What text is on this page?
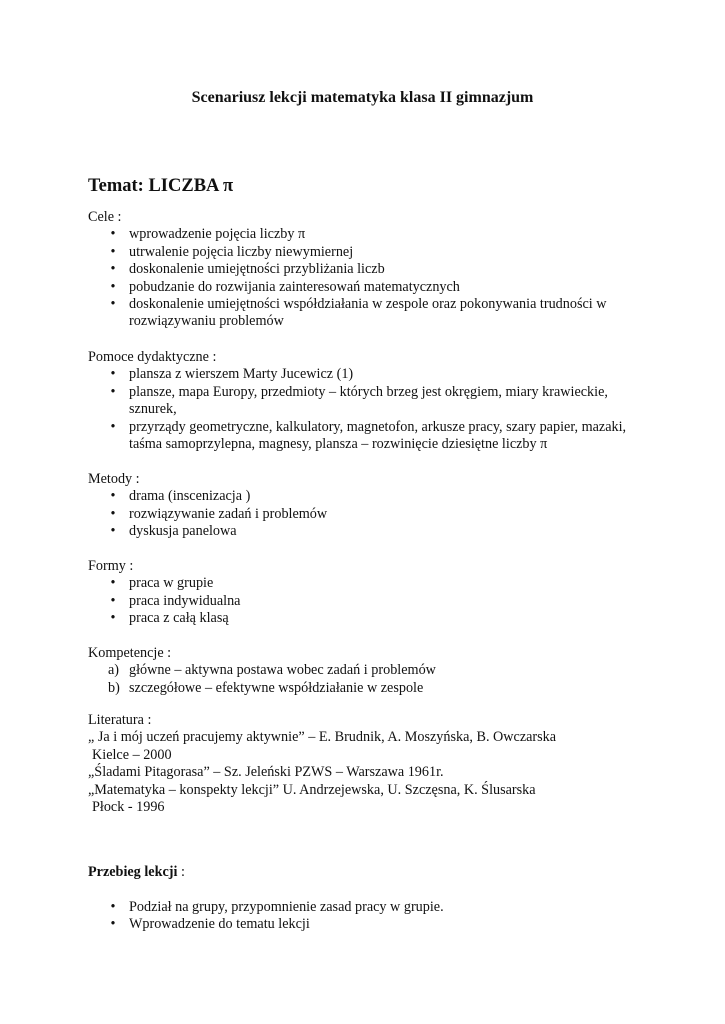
Scenariusz lekcji matematyka klasa II gimnazjum
Temat: LICZBA π
Cele :
• wprowadzenie pojęcia liczby π
• utrwalenie pojęcia liczby niewymiernej
• doskonalenie umiejętności przybliżania liczb
• pobudzanie do rozwijania zainteresowań matematycznych
• doskonalenie umiejętności współdziałania w zespole oraz pokonywania trudności w rozwiązywaniu problemów
Pomoce dydaktyczne :
• plansza z wierszem Marty Jucewicz (1)
• plansze, mapa Europy, przedmioty – których brzeg jest okręgiem, miary krawieckie, sznurek,
• przyrządy geometryczne, kalkulatory, magnetofon, arkusze pracy, szary papier, mazaki, taśma samoprzylepna, magnesy, plansza – rozwinięcie dziesiętne liczby π
Metody :
• drama (inscenizacja )
• rozwiązywanie zadań i problemów
• dyskusja panelowa
Formy :
• praca w grupie
• praca indywidualna
• praca z całą klasą
Kompetencje :
a) główne – aktywna postawa wobec zadań i problemów
b) szczegółowe – efektywne współdziałanie w zespole
Literatura :
„ Ja i mój uczeń pracujemy aktywnie” – E. Brudnik, A. Moszyńska, B. Owczarska
Kielce – 2000
„Śladami Pitagorasa” – Sz. Jeleński PZWS – Warszawa 1961r.
„Matematyka – konspekty lekcji” U. Andrzejewska, U. Szczęsna, K. Ślusarska
Płock - 1996
Przebieg lekcji :
• Podział na grupy, przypomnienie zasad pracy w grupie.
• Wprowadzenie do tematu lekcji
